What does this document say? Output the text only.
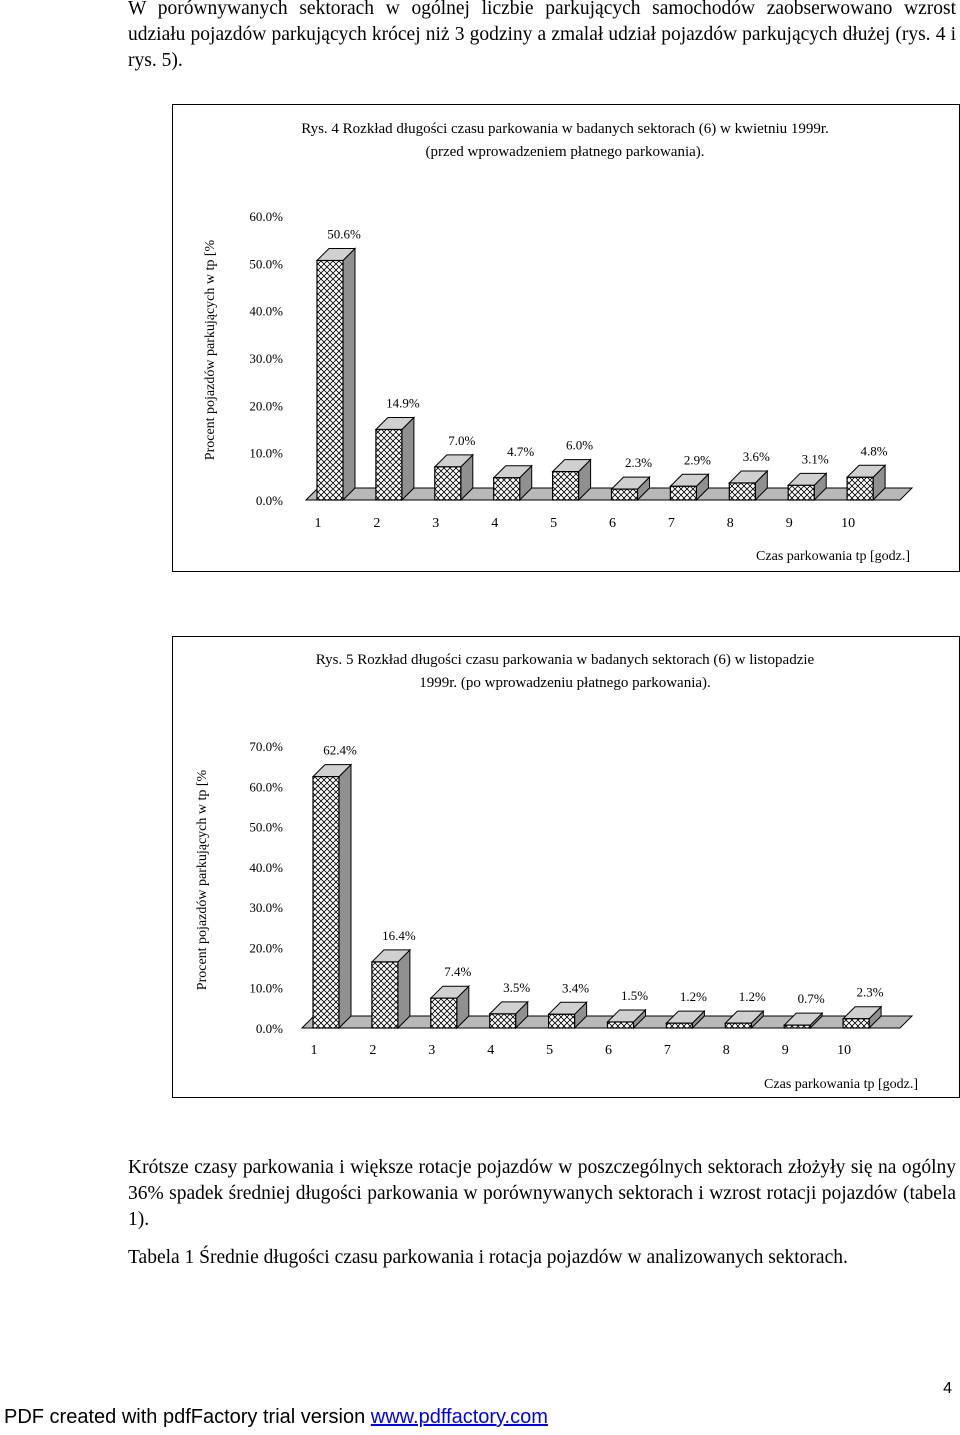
W porównywanych sektorach w ogólnej liczbie parkujących samochodów zaobserwowano wzrost udziału pojazdów parkujących krócej niż 3 godziny a zmalał udział pojazdów parkujących dłużej (rys. 4 i rys. 5).
Rys. 4 Rozkład długości czasu parkowania w badanych sektorach (6) w kwietniu 1999r.
(przed wprowadzeniem płatnego parkowania).
0.0%
10.0%
20.0%
30.0%
40.0%
50.0%
60.0%
Procent pojazdów parkujących w tp [%
50.6%
1
14.9%
2
7.0%
3
4.7%
4
6.0%
5
2.3%
6
2.9%
7
3.6%
8
3.1%
9
4.8%
10
Czas parkowania tp [godz.]
Rys. 5 Rozkład długości czasu parkowania w badanych sektorach (6) w listopadzie
1999r. (po wprowadzeniu płatnego parkowania).
0.0%
10.0%
20.0%
30.0%
40.0%
50.0%
60.0%
70.0%
Procent pojazdów parkujących w tp [%
62.4%
1
16.4%
2
7.4%
3
3.5%
4
3.4%
5
1.5%
6
1.2%
7
1.2%
8
0.7%
9
2.3%
10
Czas parkowania tp [godz.]
Krótsze czasy parkowania i większe rotacje pojazdów w poszczególnych sektorach złożyły się na ogólny 36% spadek średniej długości parkowania w porównywanych sektorach i wzrost rotacji pojazdów (tabela 1).
Tabela 1 Średnie długości czasu parkowania i rotacja pojazdów w analizowanych sektorach.
4
PDF created with pdfFactory trial version www.pdffactory.com
